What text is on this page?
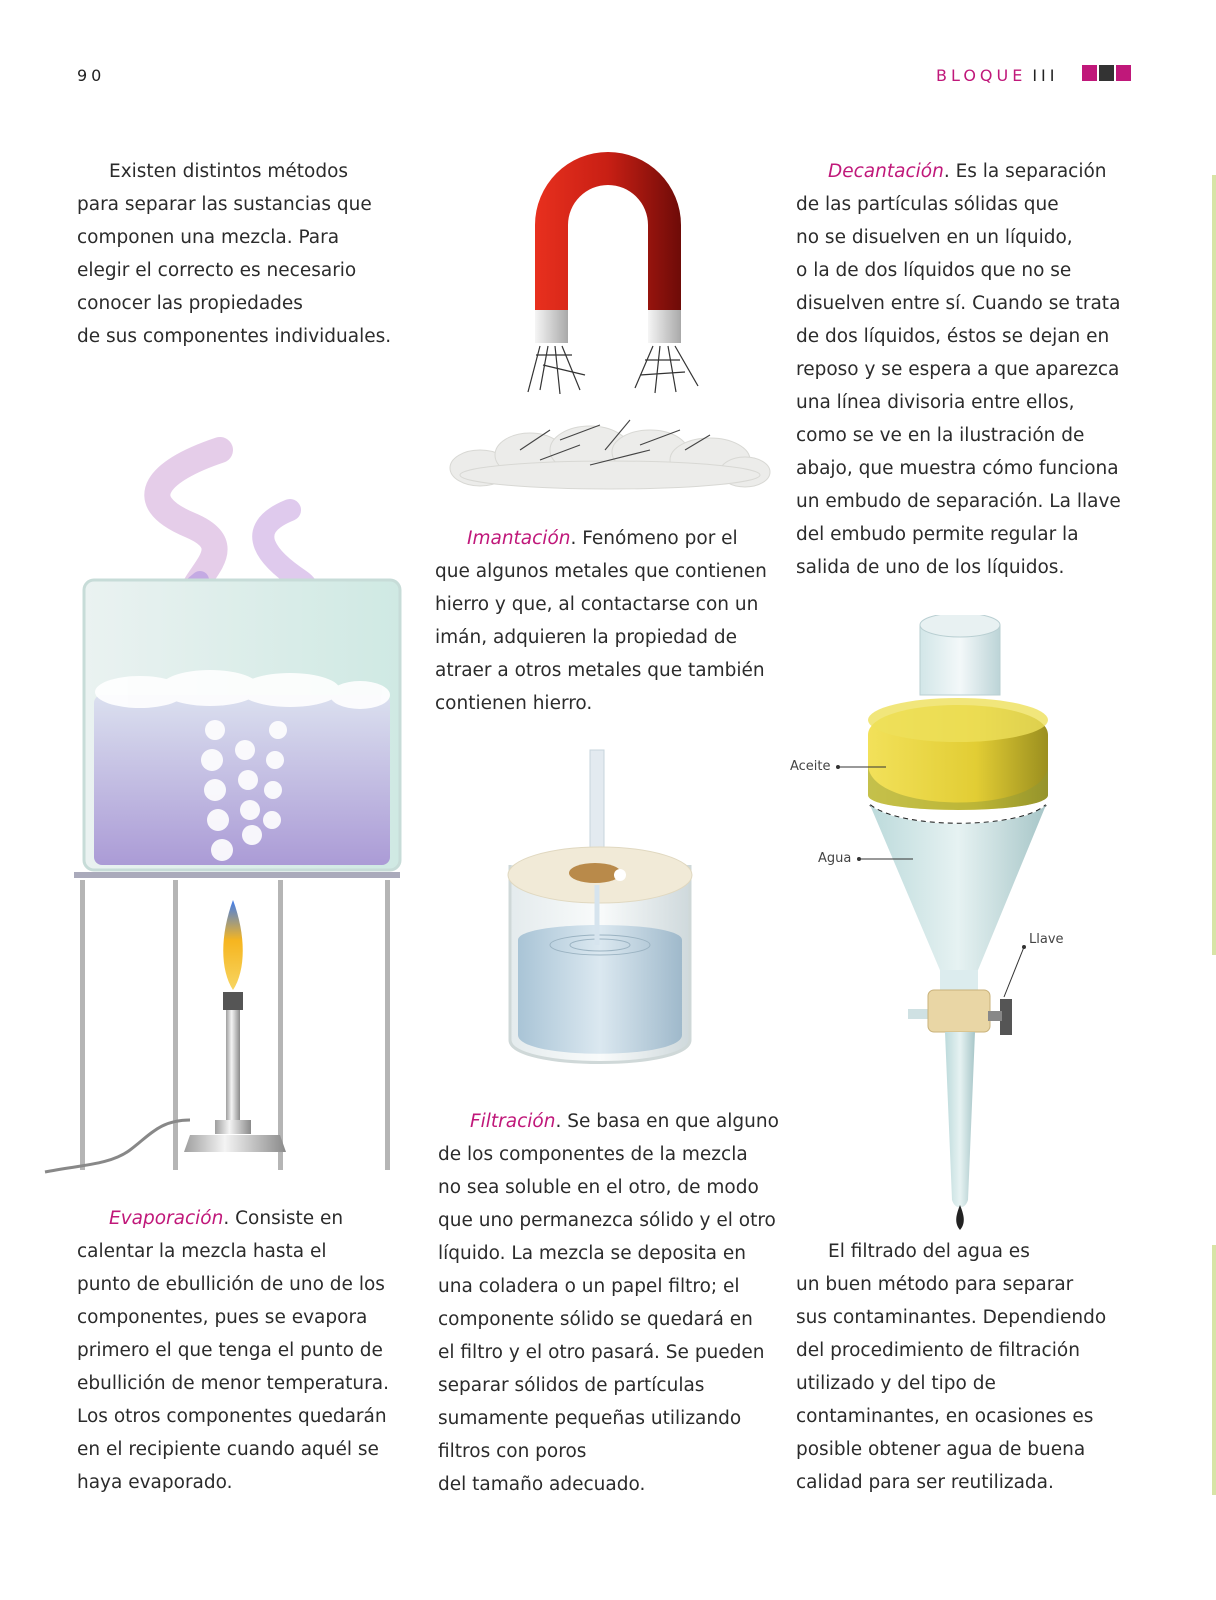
90	BLOQUE III
Existen distintos métodos
para separar las sustancias que
componen una mezcla. Para
elegir el correcto es necesario
conocer las propiedades
de sus componentes individuales.
Imantación. Fenómeno por el
que algunos metales que contienen
hierro y que, al contactarse con un
imán, adquieren la propiedad de
atraer a otros metales que también
contienen hierro.
Decantación. Es la separación
de las partículas sólidas que
no se disuelven en un líquido,
o la de dos líquidos que no se
disuelven entre sí. Cuando se trata
de dos líquidos, éstos se dejan en
reposo y se espera a que aparezca
una línea divisoria entre ellos,
como se ve en la ilustración de
abajo, que muestra cómo funciona
un embudo de separación. La llave
del embudo permite regular la
salida de uno de los líquidos.
Aceite
Agua
Llave
Evaporación. Consiste en
calentar la mezcla hasta el
punto de ebullición de uno de los
componentes, pues se evapora
primero el que tenga el punto de
ebullición de menor temperatura.
Los otros componentes quedarán
en el recipiente cuando aquél se
haya evaporado.
Filtración. Se basa en que alguno
de los componentes de la mezcla
no sea soluble en el otro, de modo
que uno permanezca sólido y el otro
líquido. La mezcla se deposita en
una coladera o un papel filtro; el
componente sólido se quedará en
el filtro y el otro pasará. Se pueden
separar sólidos de partículas
sumamente pequeñas utilizando
filtros con poros
del tamaño adecuado.
El filtrado del agua es
un buen método para separar
sus contaminantes. Dependiendo
del procedimiento de filtración
utilizado y del tipo de
contaminantes, en ocasiones es
posible obtener agua de buena
calidad para ser reutilizada.
